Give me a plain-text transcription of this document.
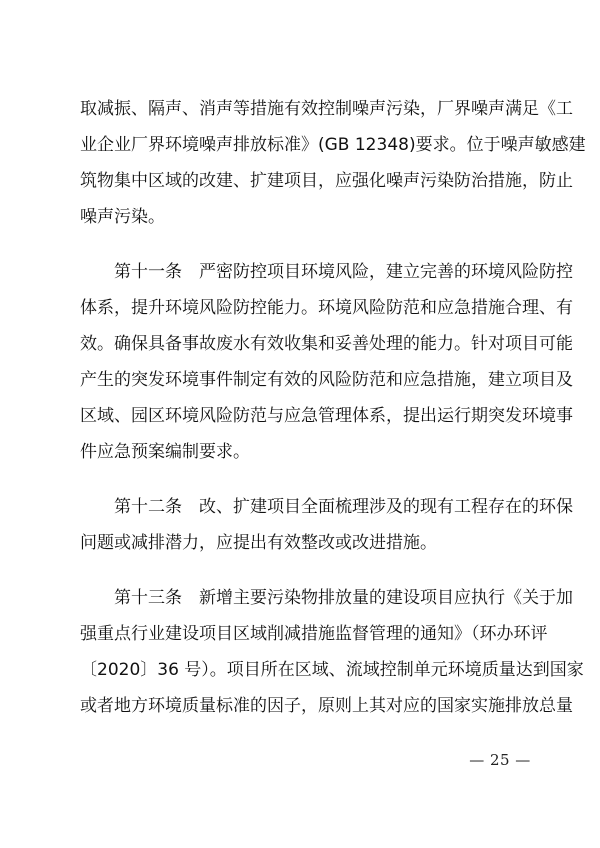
取减振、隔声、消声等措施有效控制噪声污染，厂界噪声满足《工
业企业厂界环境噪声排放标准》(GB 12348)要求。位于噪声敏感建
筑物集中区域的改建、扩建项目，应强化噪声污染防治措施，防止
噪声污染。
第十一条　严密防控项目环境风险，建立完善的环境风险防控
体系，提升环境风险防控能力。环境风险防范和应急措施合理、有
效。确保具备事故废水有效收集和妥善处理的能力。针对项目可能
产生的突发环境事件制定有效的风险防范和应急措施，建立项目及
区域、园区环境风险防范与应急管理体系，提出运行期突发环境事
件应急预案编制要求。
第十二条　改、扩建项目全面梳理涉及的现有工程存在的环保
问题或减排潜力，应提出有效整改或改进措施。
第十三条　新增主要污染物排放量的建设项目应执行《关于加
强重点行业建设项目区域削减措施监督管理的通知》（环办环评
〔2020〕36 号）。项目所在区域、流域控制单元环境质量达到国家
或者地方环境质量标准的因子，原则上其对应的国家实施排放总量
— 25 —
